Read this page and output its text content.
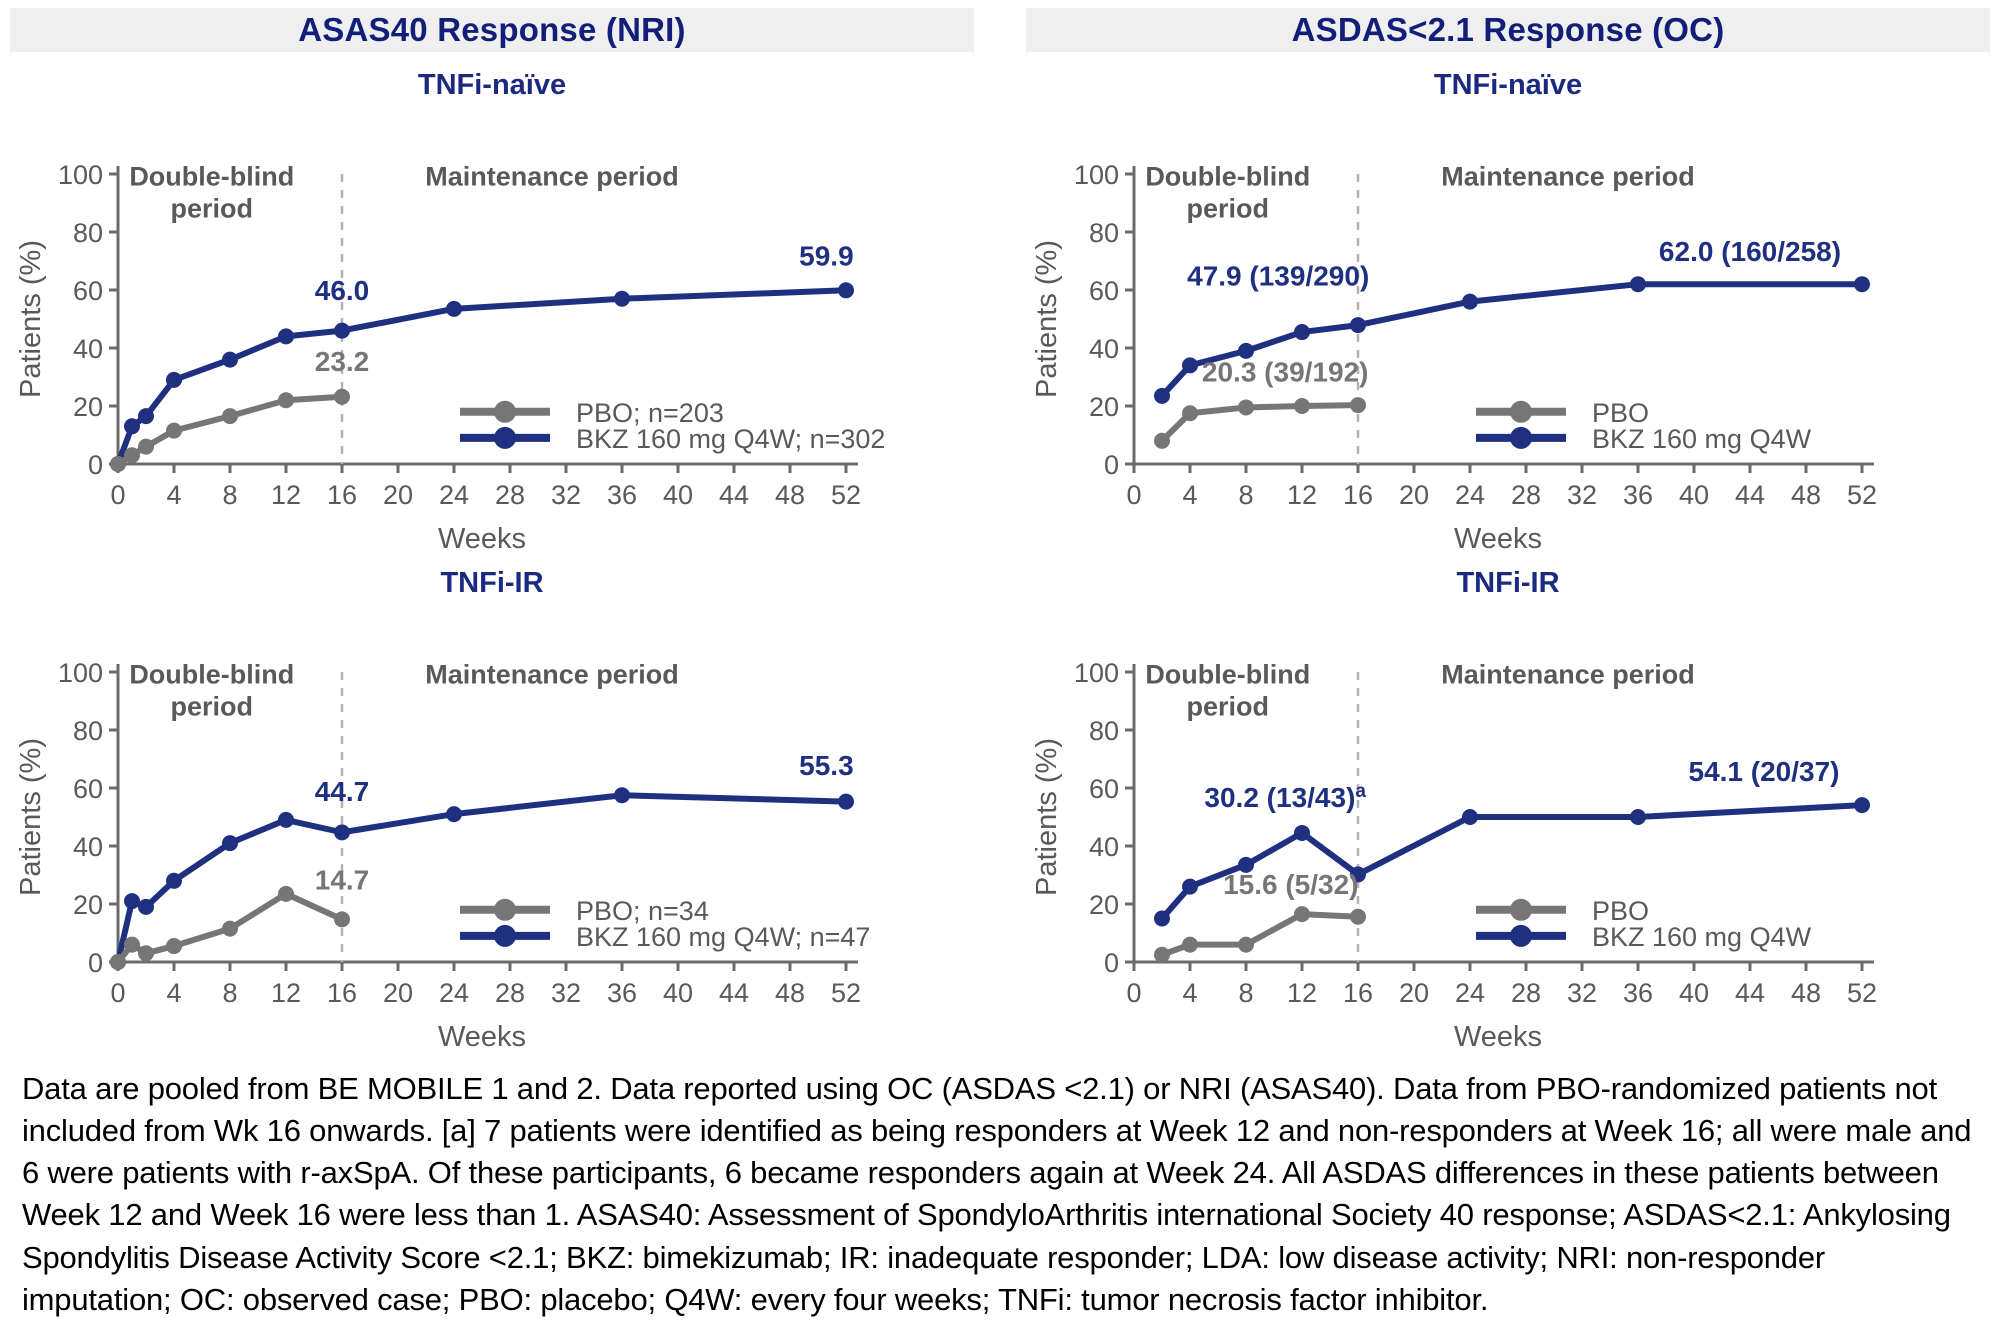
ASAS40 Response (NRI)
TNFi-naïve
0
20
40
60
80
100
0 4 8 12 16 20 24 28 32 36 40 44 48 52
Weeks
Patients (%)
Double-blind
period
Maintenance period
PBO; n=203
BKZ 160 mg Q4W; n=302
46.0
23.2
59.9
TNFi-IR
0
20
40
60
80
100
0 4 8 12 16 20 24 28 32 36 40 44 48 52
Weeks
Patients (%)
Double-blind
period
Maintenance period
PBO; n=34
BKZ 160 mg Q4W; n=47
44.7
14.7
55.3
ASDAS<2.1 Response (OC)
TNFi-naïve
0
20
40
60
80
100
0 4 8 12 16 20 24 28 32 36 40 44 48 52
Weeks
Patients (%)
Double-blind
period
Maintenance period
PBO
BKZ 160 mg Q4W
47.9 (139/290)
20.3 (39/192)
62.0 (160/258)
TNFi-IR
0
20
40
60
80
100
0 4 8 12 16 20 24 28 32 36 40 44 48 52
Weeks
Patients (%)
Double-blind
period
Maintenance period
PBO
BKZ 160 mg Q4W
30.2 $(13/43)^a$
15.6 (5/32)
54.1 (20/37)

Data are pooled from BE MOBILE 1 and 2. Data reported using OC (ASDAS <2.1) or NRI (ASAS40). Data from PBO-randomized patients not included from Wk 16 onwards. [a] 7 patients were identified as being responders at Week 12 and non-responders at Week 16; all were male and 6 were patients with r-axSpA. Of these participants, 6 became responders again at Week 24. All ASDAS differences in these patients between Week 12 and Week 16 were less than 1. ASAS40: Assessment of SpondyloArthritis international Society 40 response; ASDAS<2.1: Ankylosing Spondylitis Disease Activity Score <2.1; BKZ: bimekizumab; IR: inadequate responder; LDA: low disease activity; NRI: non-responder imputation; OC: observed case; PBO: placebo; Q4W: every four weeks; TNFi: tumor necrosis factor inhibitor.
